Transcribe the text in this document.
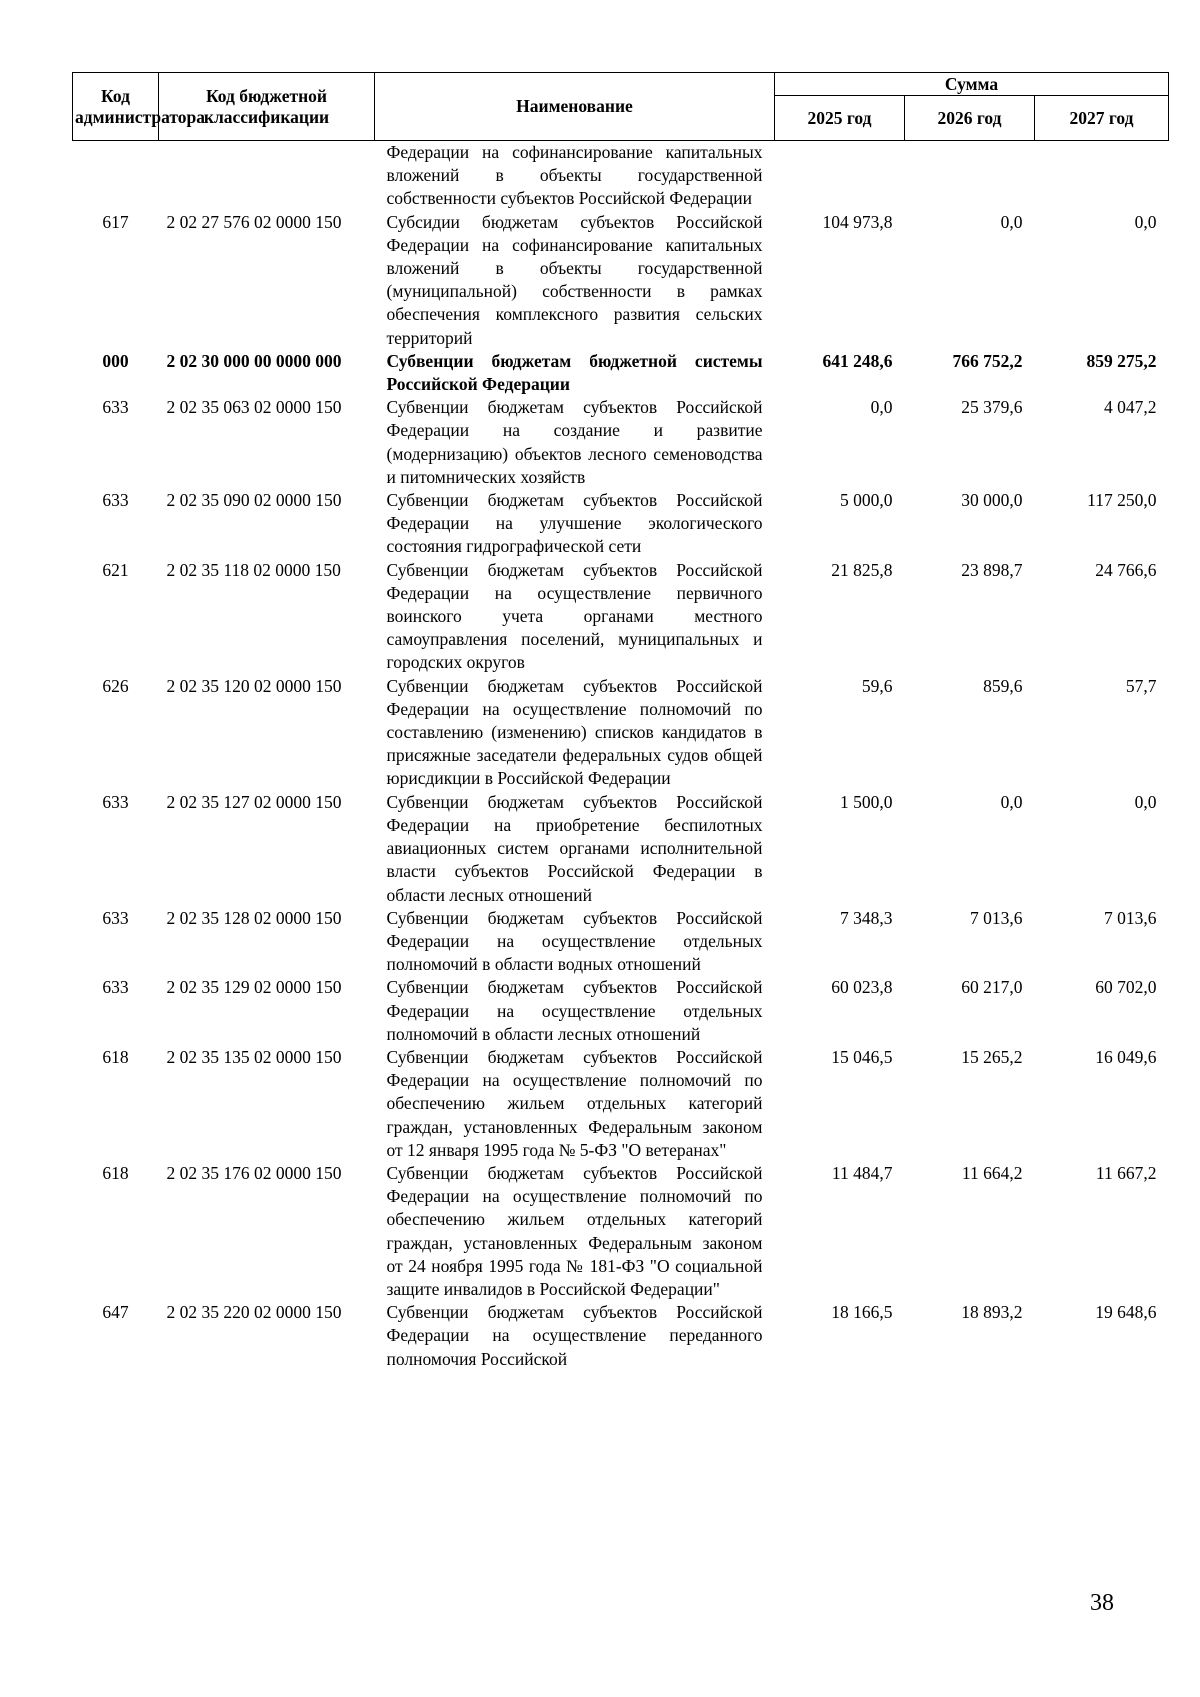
Код администратора	Код бюджетной классификации	Наименование	Сумма		
			2025 год	2026 год	2027 год
		Федерации на софинансирование капитальных вложений в объекты государственной собственности субъектов Российской Федерации			
617	2 02 27 576 02 0000 150	Субсидии бюджетам субъектов Российской Федерации на софинансирование капитальных вложений в объекты государственной (муниципальной) собственности в рамках обеспечения комплексного развития сельских территорий	104 973,8	0,0	0,0
000	2 02 30 000 00 0000 000	Субвенции бюджетам бюджетной системы Российской Федерации	641 248,6	766 752,2	859 275,2
633	2 02 35 063 02 0000 150	Субвенции бюджетам субъектов Российской Федерации на создание и развитие (модернизацию) объектов лесного семеноводства и питомнических хозяйств	0,0	25 379,6	4 047,2
633	2 02 35 090 02 0000 150	Субвенции бюджетам субъектов Российской Федерации на улучшение экологического состояния гидрографической сети	5 000,0	30 000,0	117 250,0
621	2 02 35 118 02 0000 150	Субвенции бюджетам субъектов Российской Федерации на осуществление первичного воинского учета органами местного самоуправления поселений, муниципальных и городских округов	21 825,8	23 898,7	24 766,6
626	2 02 35 120 02 0000 150	Субвенции бюджетам субъектов Российской Федерации на осуществление полномочий по составлению (изменению) списков кандидатов в присяжные заседатели федеральных судов общей юрисдикции в Российской Федерации	59,6	859,6	57,7
633	2 02 35 127 02 0000 150	Субвенции бюджетам субъектов Российской Федерации на приобретение беспилотных авиационных систем органами исполнительной власти субъектов Российской Федерации в области лесных отношений	1 500,0	0,0	0,0
633	2 02 35 128 02 0000 150	Субвенции бюджетам субъектов Российской Федерации на осуществление отдельных полномочий в области водных отношений	7 348,3	7 013,6	7 013,6
633	2 02 35 129 02 0000 150	Субвенции бюджетам субъектов Российской Федерации на осуществление отдельных полномочий в области лесных отношений	60 023,8	60 217,0	60 702,0
618	2 02 35 135 02 0000 150	Субвенции бюджетам субъектов Российской Федерации на осуществление полномочий по обеспечению жильем отдельных категорий граждан, установленных Федеральным законом от 12 января 1995 года № 5-ФЗ "О ветеранах"	15 046,5	15 265,2	16 049,6
618	2 02 35 176 02 0000 150	Субвенции бюджетам субъектов Российской Федерации на осуществление полномочий по обеспечению жильем отдельных категорий граждан, установленных Федеральным законом от 24 ноября 1995 года № 181-ФЗ "О социальной защите инвалидов в Российской Федерации"	11 484,7	11 664,2	11 667,2
647	2 02 35 220 02 0000 150	Субвенции бюджетам субъектов Российской Федерации на осуществление переданного полномочия Российской	18 166,5	18 893,2	19 648,6
38
